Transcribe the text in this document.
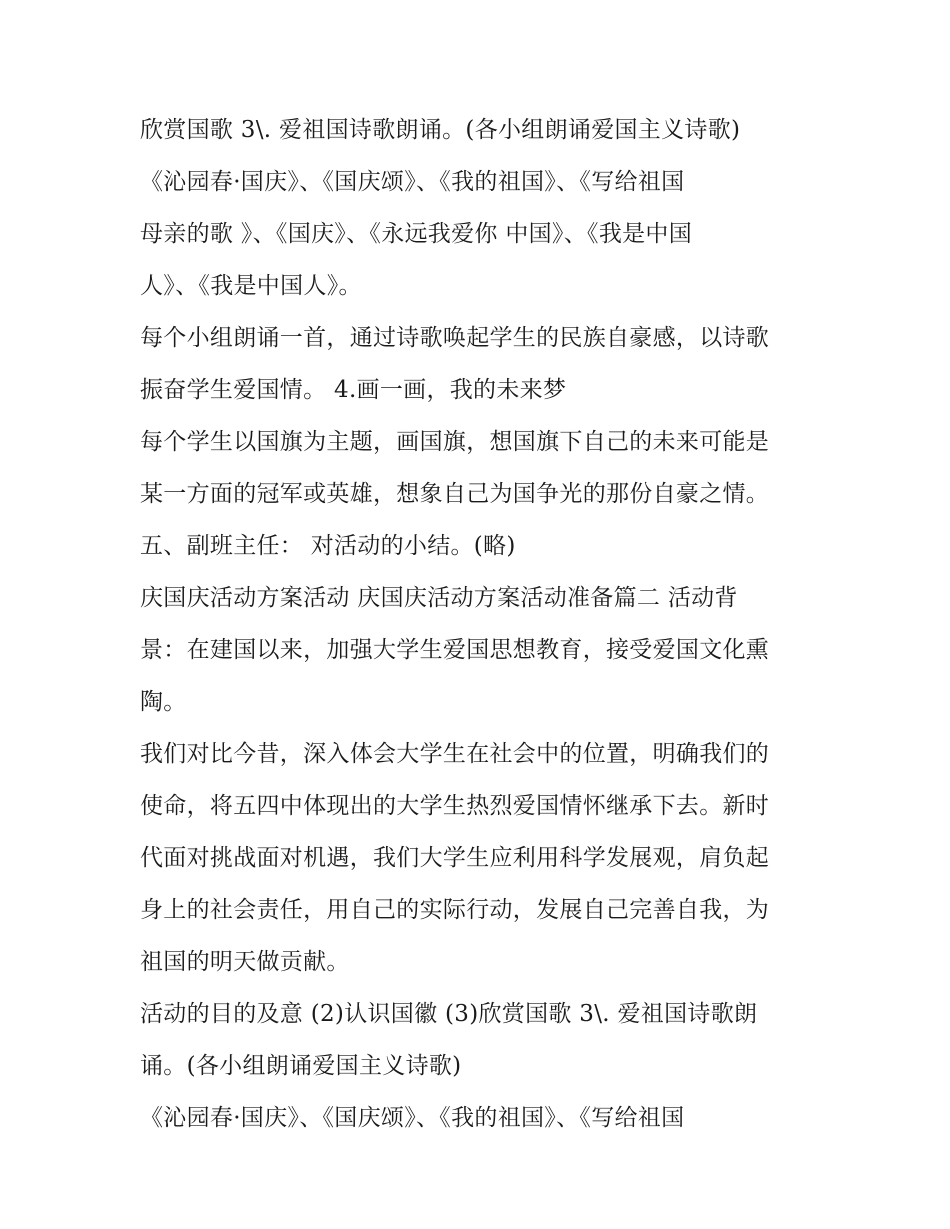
欣赏国歌 3\. 爱祖国诗歌朗诵。(各小组朗诵爱国主义诗歌)
《沁园春·国庆》、《国庆颂》、《我的祖国》、《写给祖国
母亲的歌 》、《国庆》、《永远我爱你 中国》、《我是中国
人》、《我是中国人》。
每个小组朗诵一首，通过诗歌唤起学生的民族自豪感，以诗歌
振奋学生爱国情。 4.画一画，我的未来梦
每个学生以国旗为主题，画国旗，想国旗下自己的未来可能是
某一方面的冠军或英雄，想象自己为国争光的那份自豪之情。
五、副班主任： 对活动的小结。(略)
庆国庆活动方案活动 庆国庆活动方案活动准备篇二 活动背
景：在建国以来，加强大学生爱国思想教育，接受爱国文化熏
陶。
我们对比今昔，深入体会大学生在社会中的位置，明确我们的
使命，将五四中体现出的大学生热烈爱国情怀继承下去。新时
代面对挑战面对机遇，我们大学生应利用科学发展观，肩负起
身上的社会责任，用自己的实际行动，发展自己完善自我，为
祖国的明天做贡献。
活动的目的及意 (2)认识国徽 (3)欣赏国歌 3\. 爱祖国诗歌朗
诵。(各小组朗诵爱国主义诗歌)
《沁园春·国庆》、《国庆颂》、《我的祖国》、《写给祖国
